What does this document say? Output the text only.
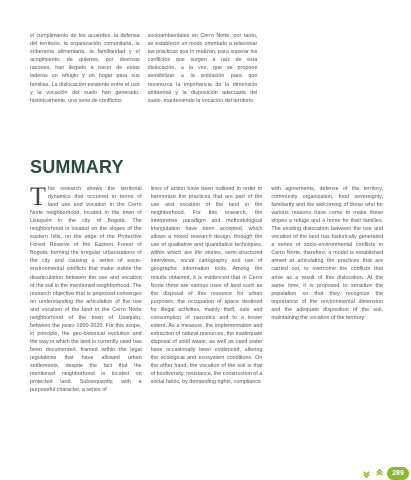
el cumplimiento de los acuerdos, la defensa del territorio, la organización comunitaria, la soberanía alimentaria, la familiaridad y el acogimiento, de quienes, por diversas razones, han llegado a hacer de estas laderas un refugio y un hogar para sus familias. La dislocación existente entre el uso y la vocación del suelo han generado, históricamente, una serie de conflictos
socioambientales en Cerro Norte, por tanto, se estableció un modo orientado a relacionar las prácticas que lo realizan, para superar los conflictos que surgen a raíz de esta dislocación, a la vez, que se propone sensibilizar a la población para que reconozca la importancia de la dimensión ambiental y la disposición adecuada del suelo, manteniendo la vocación del territorio.
SUMMARY
This research shows the territorial dynamics that occurred in terms of land use and vocation in the Cerro Norte neighborhood, located in the town of Usaquén in the city of Bogotá. The neighborhood is located on the slopes of the eastern hills, on the edge of the Protective Forest Reserve of the Eastern Forest of Bogotá, forming the irregular urbanizations of the city and causing a series of socio-environmental conflicts that make visible the disarticulation between the use and vocation of the soil in the mentioned neighborhood. The research objective that is proposed converges on understanding the articulation of the use and vocation of the land in the Cerro Norte neighborhood of the town of Usaquén, between the years 1950-2020. For this scope, in principle, the geo-historical evolution and the way in which the land is currently used has been documented, framed within the legal regulations that have allowed urban settlements, despite the fact that the mentioned neighborhood is located on protected land. Subsequently, with a purposeful character, a series of
lines of action have been outlined in order to harmonize the practices that are part of the use and vocation of the land in the neighborhood. For this research, the interpretive paradigm and methodological triangulation have been accepted, which allows a mixed research design, through the use of qualitative and quantitative techniques, within which are life stories, semi-structured interviews, social cartography and use of geographic information tools. Among the results obtained, it is evidenced that in Cerro Norte there are various uses of land such as the disposal of this resource for urban purposes, the occupation of space destined for illegal activities, mainly theft, sale and consumption of narcotics and to a lesser extent. As a measure, the implementation and extraction of natural resources, the inadequate disposal of solid waste, as well as used water have occasionally been evidenced, altering the ecological and ecosystem conditions. On the other hand, the vocation of the soil is that of biodiversity, resistance, the construction of a social fabric, by demanding rights, compliance
with agreements, defense of the territory, community organization, food sovereignty, familiarity and the welcoming of those who for various reasons have come to make these slopes a refuge and a home for their families. The existing dislocation between the use and vocation of the land has historically generated a series of socio-environmental conflicts in Cerro Norte, therefore, a model is established aimed at articulating the practices that are carried out, to overcome the conflicts that arise as a result of this dislocation. At the same time, it is proposed to sensitize the population so that they recognize the importance of the environmental dimension and the adequate disposition of the soil, maintaining the vocation of the territory.
289
